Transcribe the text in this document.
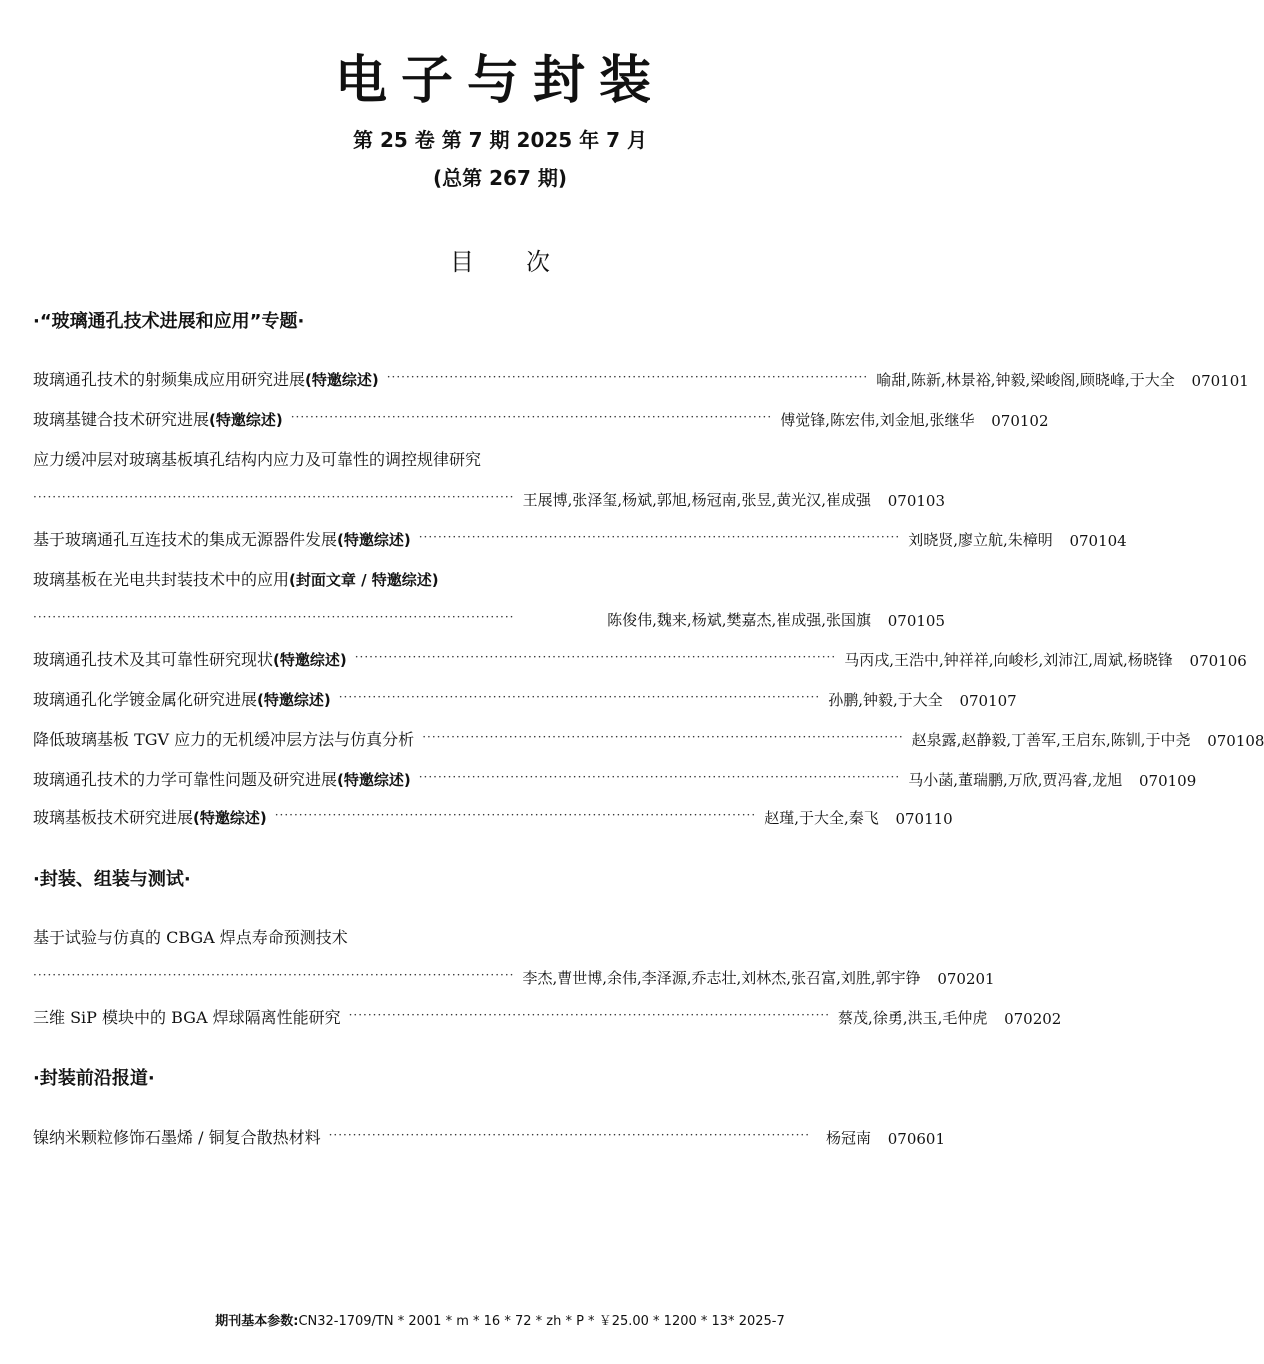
电子与封装
第 25 卷 第 7 期 2025 年 7 月
(总第 267 期)
目次
·“玻璃通孔技术进展和应用”专题·
玻璃通孔技术的射频集成应用研究进展(特邀综述) ···································································································· 喻甜,陈新,林景裕,钟毅,梁峻阁,顾晓峰,于大全	070101
玻璃基键合技术研究进展(特邀综述) ···································································································· 傅觉锋,陈宏伟,刘金旭,张继华	070102
应力缓冲层对玻璃基板填孔结构内应力及可靠性的调控规律研究
···································································································· 王展博,张泽玺,杨斌,郭旭,杨冠南,张昱,黄光汉,崔成强	070103
基于玻璃通孔互连技术的集成无源器件发展(特邀综述) ···································································································· 刘晓贤,廖立航,朱樟明	070104
玻璃基板在光电共封装技术中的应用(封面文章 / 特邀综述)
····································································································	陈俊伟,魏来,杨斌,樊嘉杰,崔成强,张国旗	070105
玻璃通孔技术及其可靠性研究现状(特邀综述) ···································································································· 马丙戌,王浩中,钟祥祥,向峻杉,刘沛江,周斌,杨晓锋	070106
玻璃通孔化学镀金属化研究进展(特邀综述) ···································································································· 孙鹏,钟毅,于大全	070107
降低玻璃基板 TGV 应力的无机缓冲层方法与仿真分析 ···································································································· 赵泉露,赵静毅,丁善军,王启东,陈钏,于中尧	070108
玻璃通孔技术的力学可靠性问题及研究进展(特邀综述) ···································································································· 马小菡,董瑞鹏,万欣,贾冯睿,龙旭	070109
玻璃基板技术研究进展(特邀综述) ···································································································· 赵瑾,于大全,秦飞	070110
·封装、组装与测试·
基于试验与仿真的 CBGA 焊点寿命预测技术
···································································································· 李杰,曹世博,余伟,李泽源,乔志壮,刘林杰,张召富,刘胜,郭宇铮	070201
三维 SiP 模块中的 BGA 焊球隔离性能研究 ···································································································· 蔡茂,徐勇,洪玉,毛仲虎	070202
·封装前沿报道·
镍纳米颗粒修饰石墨烯 / 铜复合散热材料 ····································································································	杨冠南	070601
期刊基本参数:CN32-1709/TN * 2001 * m * 16 * 72 * zh * P * ￥25.00 * 1200 * 13* 2025-7
